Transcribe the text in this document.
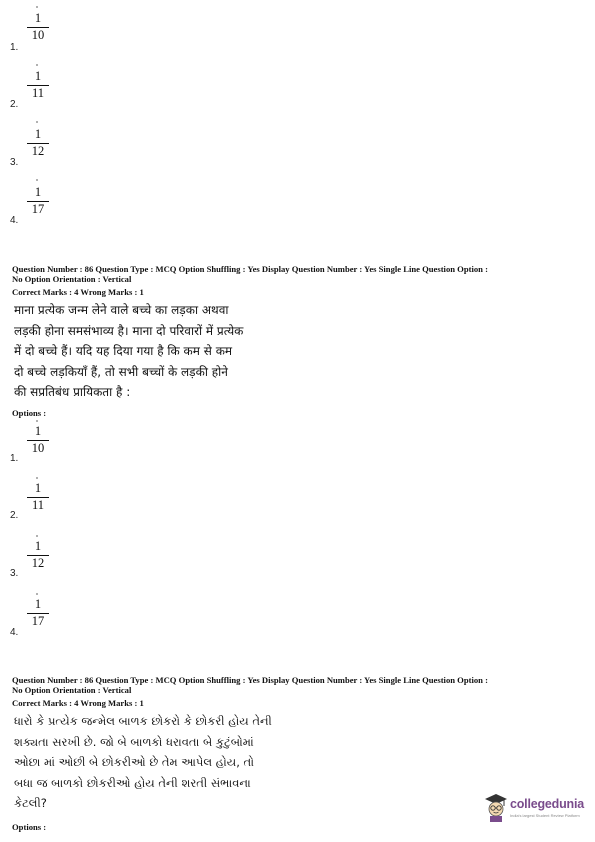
1
10
1.
1
11
2.
1
12
3.
1
17
4.
Question Number : 86 Question Type : MCQ Option Shuffling : Yes Display Question Number : Yes Single Line Question Option :
No Option Orientation : Vertical
Correct Marks : 4 Wrong Marks : 1
माना प्रत्येक जन्म लेने वाले बच्चे का लड़का अथवा
लड़की होना समसंभाव्य है। माना दो परिवारों में प्रत्येक
में दो बच्चे हैं। यदि यह दिया गया है कि कम से कम
दो बच्चे लड़कियाँ हैं, तो सभी बच्चों के लड़की होने
की सप्रतिबंध प्रायिकता है :
Options :
1
10
1.
1
11
2.
1
12
3.
1
17
4.
Question Number : 86 Question Type : MCQ Option Shuffling : Yes Display Question Number : Yes Single Line Question Option :
No Option Orientation : Vertical
Correct Marks : 4 Wrong Marks : 1
ધારો કે પ્રત્યેક જન્મેલ બાળક છોકરો કે છોકરી હોય તેની
શક્યતા સરખી છે. જો બે બાળકો ધરાવતા બે કુટુંબોમાં
ઓછા માં ઓછી બે છોકરીઓ છે તેમ આપેલ હોય, તો
બધા જ બાળકો છોકરીઓ હોય તેની શરતી સંભાવના
કેટલી?
Options :
collegedunia
India's largest Student Review Platform
